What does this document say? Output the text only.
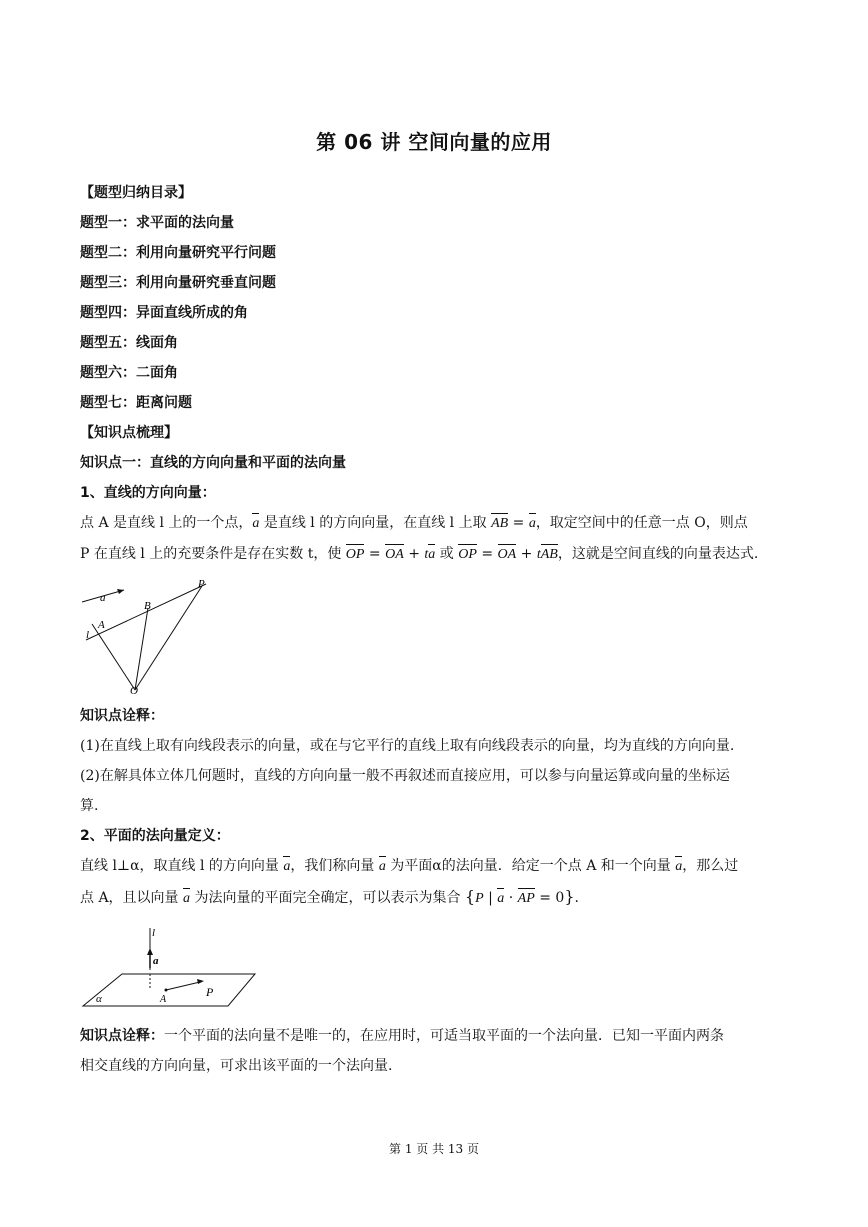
第 06 讲 空间向量的应用
【题型归纳目录】
题型一：求平面的法向量
题型二：利用向量研究平行问题
题型三：利用向量研究垂直问题
题型四：异面直线所成的角
题型五：线面角
题型六：二面角
题型七：距离问题
【知识点梳理】
知识点一：直线的方向向量和平面的法向量
1、直线的方向向量：

点 A 是直线 l 上的一个点，a 是直线 l 的方向向量，在直线 l 上取 AB = a，取定空间中的任意一点 O，则点

P 在直线 l 上的充要条件是存在实数 t，使 OP = OA + ta 或 OP = OA + tAB，这就是空间直线的向量表达式.

a
P
B
A
l
O
知识点诠释：
(1)在直线上取有向线段表示的向量，或在与它平行的直线上取有向线段表示的向量，均为直线的方向向量.
(2)在解具体立体几何题时，直线的方向向量一般不再叙述而直接应用，可以参与向量运算或向量的坐标运
算.
2、平面的法向量定义：

直线 l⊥α，取直线 l 的方向向量 a，我们称向量 a 为平面α的法向量．给定一个点 A 和一个向量 a，那么过

点 A，且以向量 a 为法向量的平面完全确定，可以表示为集合 {P | a · AP = 0}.

l
a
α	A
P

知识点诠释：一个平面的法向量不是唯一的，在应用时，可适当取平面的一个法向量．已知一平面内两条

相交直线的方向向量，可求出该平面的一个法向量.

第 1 页 共 13 页
